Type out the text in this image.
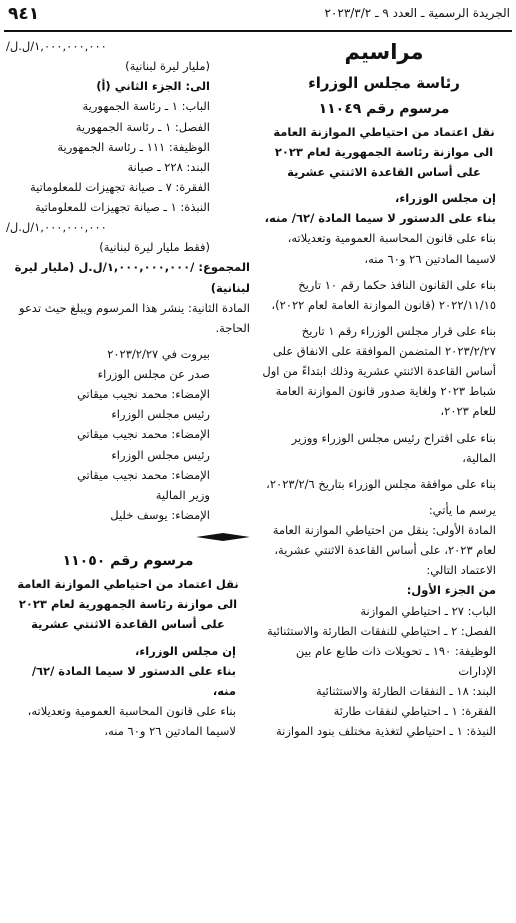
٩٤١	الجريدة الرسمية ـ العدد ٩ ـ ٢٠٢٣/٣/٢
مراسيم
رئاسة مجلس الوزراء
مرسوم رقم ١١٠٤٩
نقل اعتماد من احتياطي الموازنة العامة
الى موازنة رئاسة الجمهورية لعام ٢٠٢٣
على أساس القاعدة الاثنتي عشرية
إن مجلس الوزراء،
بناء على الدستور لا سيما المادة /٦٢/ منه،
بناء على قانون المحاسبة العمومية وتعديلاته، لاسيما المادتين ٢٦ و٦٠ منه،
بناء على القانون النافذ حكما رقم ١٠ تاريخ ٢٠٢٢/١١/١٥ (قانون الموازنة العامة لعام ٢٠٢٢)،
بناء على قرار مجلس الوزراء رقم ١ تاريخ ٢٠٢٣/٢/٢٧ المتضمن الموافقة على الانفاق على أساس القاعدة الاثنتي عشرية وذلك ابتداءً من اول شباط ٢٠٢٣ ولغاية صدور قانون الموازنة العامة للعام ٢٠٢٣،
بناء على اقتراح رئيس مجلس الوزراء ووزير المالية،
بناء على موافقة مجلس الوزراء بتاريخ ٢٠٢٣/٢/٦،
يرسم ما يأتي:
المادة الأولى: ينقل من احتياطي الموازنة العامة لعام ٢٠٢٣، على أساس القاعدة الاثنتي عشرية، الاعتماد التالي:
من الجزء الأول:
الباب: ٢٧ ـ احتياطي الموازنة
الفصل: ٢ ـ احتياطي للنفقات الطارئة والاستثنائية
الوظيفة: ١٩٠ ـ تحويلات ذات طابع عام بين الإدارات
البند: ١٨ ـ النفقات الطارئة والاستثنائية
الفقرة: ١ ـ احتياطي لنفقات طارئة
النبذة: ١ ـ احتياطي لتغذية مختلف بنود الموازنة
/١,٠٠٠,٠٠٠,٠٠٠/ل.ل
(مليار ليرة لبنانية)
الى: الجزء الثاني (أ)
الباب: ١ ـ رئاسة الجمهورية
الفصل: ١ ـ رئاسة الجمهورية
الوظيفة: ١١١ ـ رئاسة الجمهورية
البند: ٢٢٨ ـ صيانة
الفقرة: ٧ ـ صيانة تجهيزات للمعلوماتية
النبذة: ١ ـ صيانة تجهيزات للمعلوماتية
/١,٠٠٠,٠٠٠,٠٠٠/ل.ل
(فقط مليار ليرة لبنانية)
المجموع: /١,٠٠٠,٠٠٠,٠٠٠/ل.ل (مليار ليرة لبنانية)
المادة الثانية: ينشر هذا المرسوم ويبلغ حيث تدعو الحاجة.
بيروت في ٢٠٢٣/٢/٢٧
صدر عن مجلس الوزراء
الإمضاء: محمد نجيب ميقاتي
رئيس مجلس الوزراء
الإمضاء: محمد نجيب ميقاتي
رئيس مجلس الوزراء
الإمضاء: محمد نجيب ميقاتي
وزير المالية
الإمضاء: يوسف خليل
مرسوم رقم ١١٠٥٠
نقل اعتماد من احتياطي الموازنة العامة
الى موازنة رئاسة الجمهورية لعام ٢٠٢٣
على أساس القاعدة الاثنتي عشرية
إن مجلس الوزراء،
بناء على الدستور لا سيما المادة /٦٢/ منه،
بناء على قانون المحاسبة العمومية وتعديلاته، لاسيما المادتين ٢٦ و٦٠ منه،
